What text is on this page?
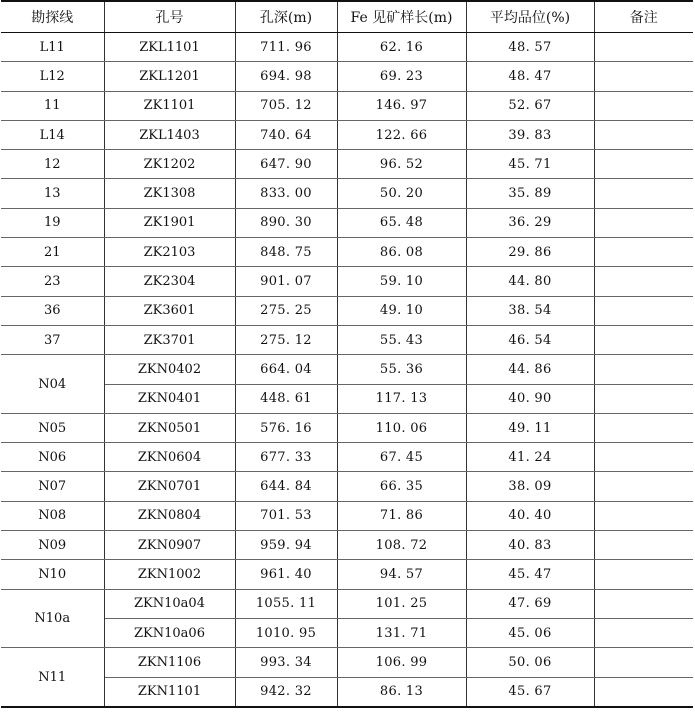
勘探线	孔号	孔深(m)	Fe 见矿样长(m)	平均品位(%)	备注
L11	ZKL1101	711. 96	62. 16	48. 57	
L12	ZKL1201	694. 98	69. 23	48. 47	
11	ZK1101	705. 12	146. 97	52. 67	
L14	ZKL1403	740. 64	122. 66	39. 83	
12	ZK1202	647. 90	96. 52	45. 71	
13	ZK1308	833. 00	50. 20	35. 89	
19	ZK1901	890. 30	65. 48	36. 29	
21	ZK2103	848. 75	86. 08	29. 86	
23	ZK2304	901. 07	59. 10	44. 80	
36	ZK3601	275. 25	49. 10	38. 54	
37	ZK3701	275. 12	55. 43	46. 54	
N04	ZKN0402	664. 04	55. 36	44. 86	
	ZKN0401	448. 61	117. 13	40. 90	
N05	ZKN0501	576. 16	110. 06	49. 11	
N06	ZKN0604	677. 33	67. 45	41. 24	
N07	ZKN0701	644. 84	66. 35	38. 09	
N08	ZKN0804	701. 53	71. 86	40. 40	
N09	ZKN0907	959. 94	108. 72	40. 83	
N10	ZKN1002	961. 40	94. 57	45. 47	
N10a	ZKN10a04	1055. 11	101. 25	47. 69	
	ZKN10a06	1010. 95	131. 71	45. 06	
N11	ZKN1106	993. 34	106. 99	50. 06	
	ZKN1101	942. 32	86. 13	45. 67	
